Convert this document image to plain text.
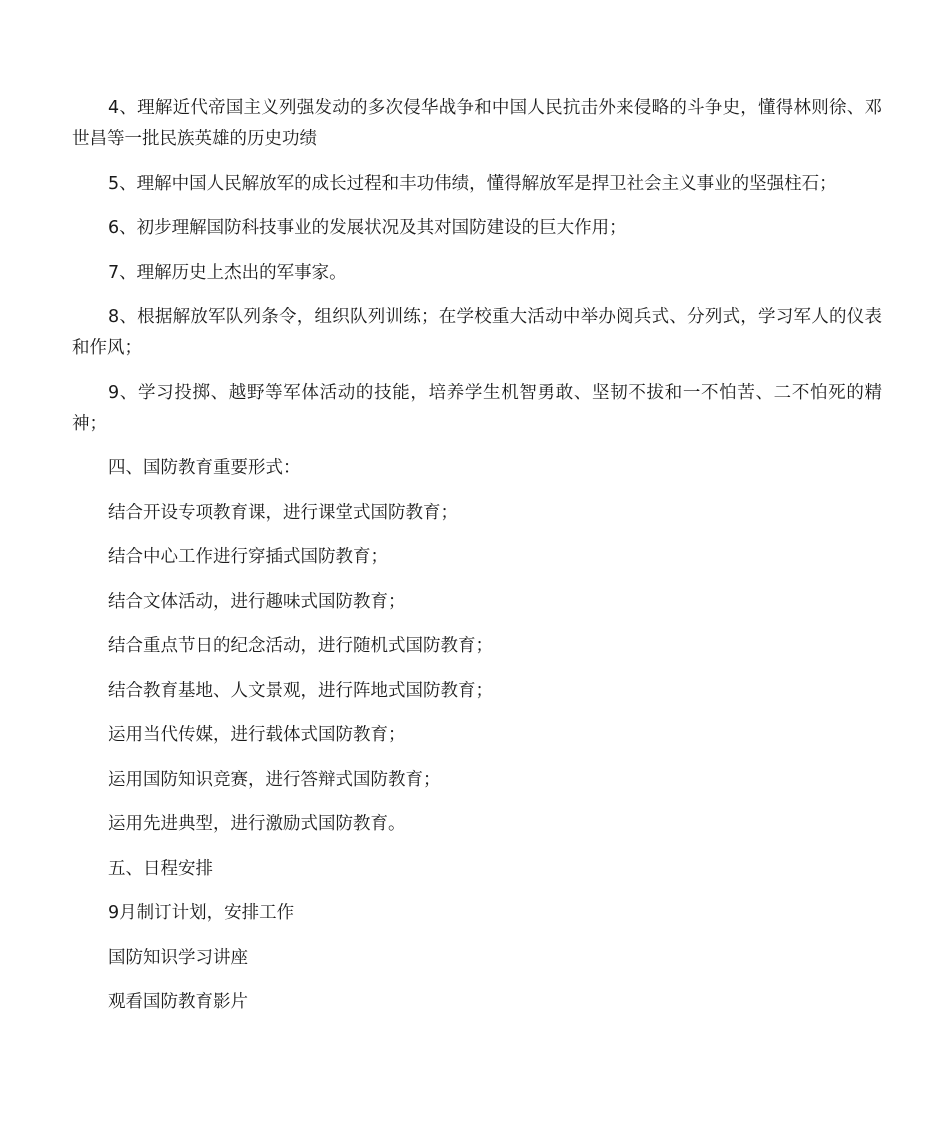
4、理解近代帝国主义列强发动的多次侵华战争和中国人民抗击外来侵略的斗争史，懂得林则徐、邓世昌等一批民族英雄的历史功绩

5、理解中国人民解放军的成长过程和丰功伟绩，懂得解放军是捍卫社会主义事业的坚强柱石；

6、初步理解国防科技事业的发展状况及其对国防建设的巨大作用；

7、理解历史上杰出的军事家。

8、根据解放军队列条令，组织队列训练；在学校重大活动中举办阅兵式、分列式，学习军人的仪表和作风；

9、学习投掷、越野等军体活动的技能，培养学生机智勇敢、坚韧不拔和一不怕苦、二不怕死的精神；

四、国防教育重要形式：

结合开设专项教育课，进行课堂式国防教育；

结合中心工作进行穿插式国防教育；

结合文体活动，进行趣味式国防教育；

结合重点节日的纪念活动，进行随机式国防教育；

结合教育基地、人文景观，进行阵地式国防教育；

运用当代传媒，进行载体式国防教育；

运用国防知识竞赛，进行答辩式国防教育；

运用先进典型，进行激励式国防教育。

五、日程安排

9月制订计划，安排工作

国防知识学习讲座

观看国防教育影片
